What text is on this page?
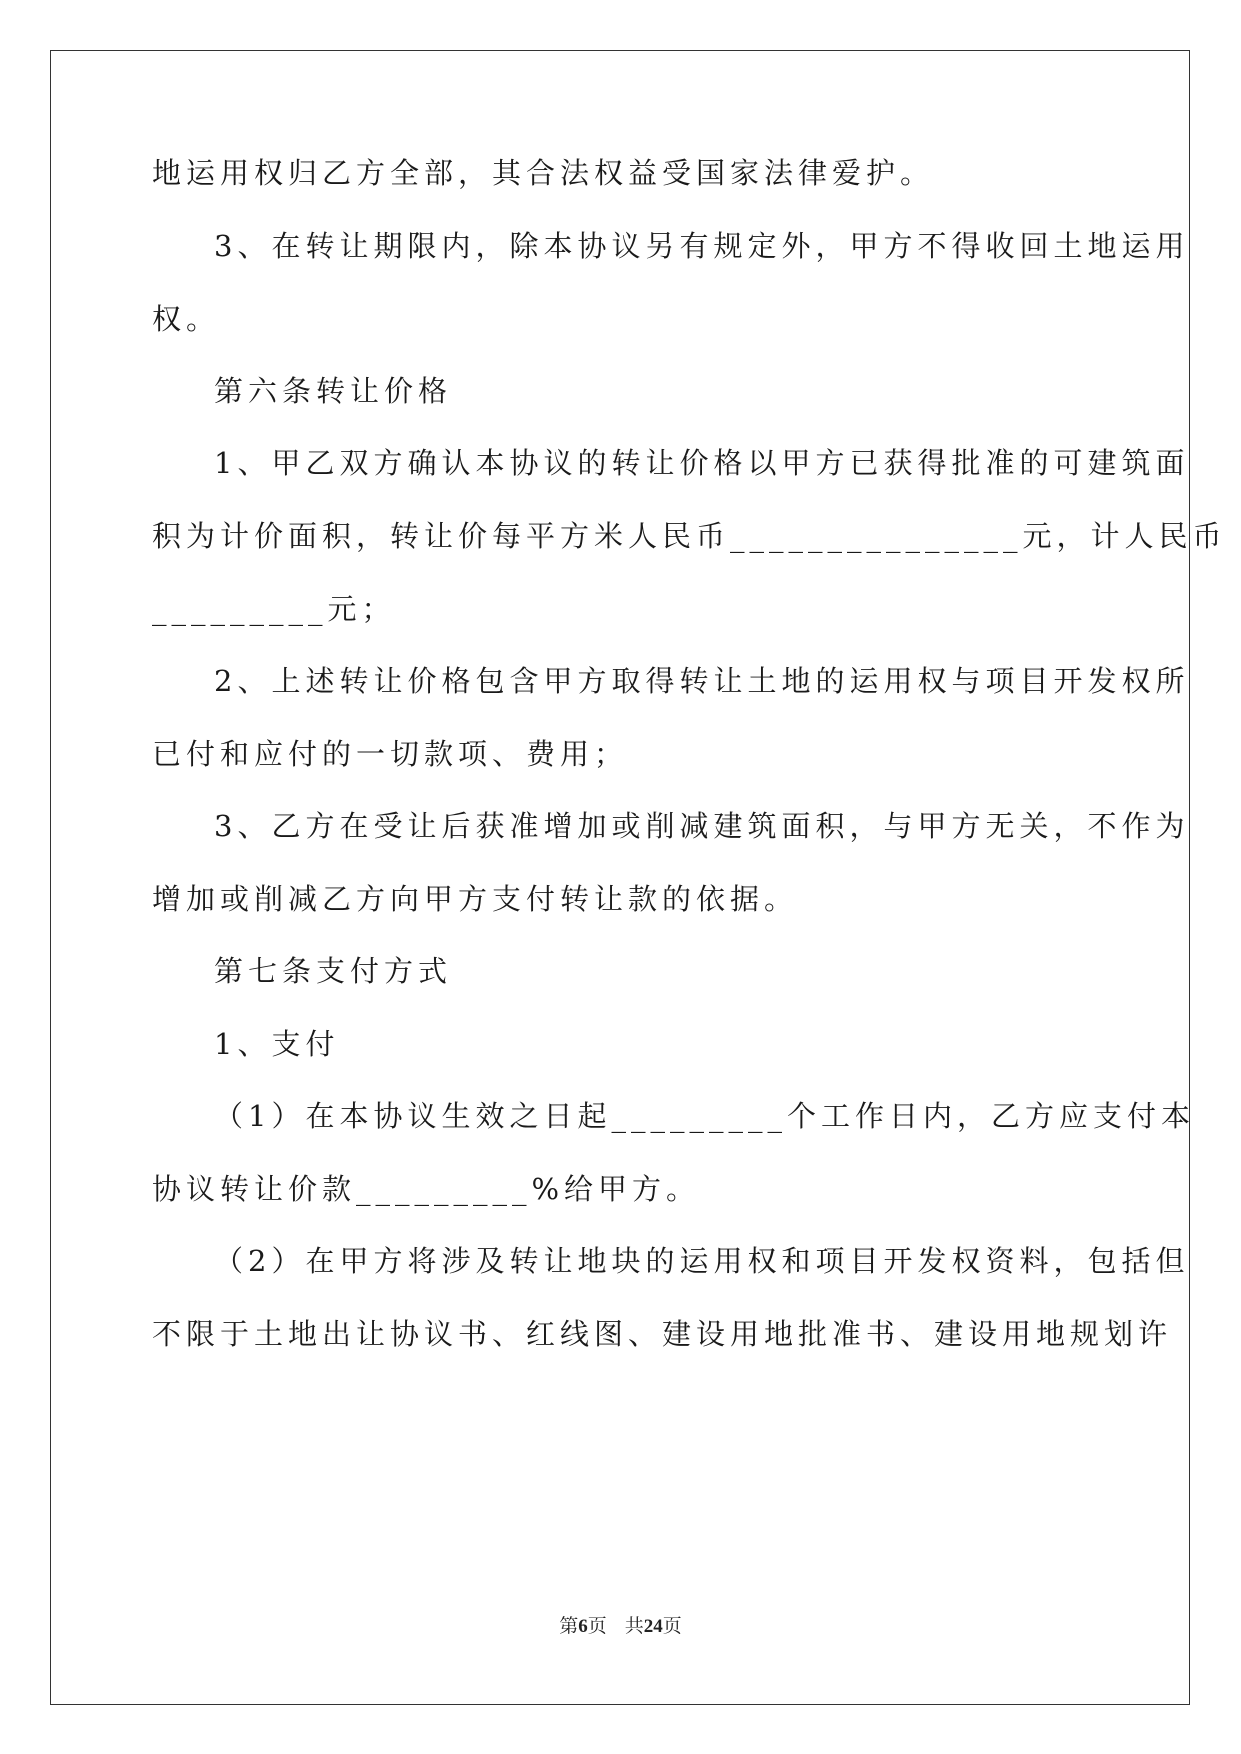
地运用权归乙方全部，其合法权益受国家法律爱护。
3、在转让期限内，除本协议另有规定外，甲方不得收回土地运用
权。
第六条转让价格
1、甲乙双方确认本协议的转让价格以甲方已获得批准的可建筑面
积为计价面积，转让价每平方米人民币_______________元，计人民币
_________元；
2、上述转让价格包含甲方取得转让土地的运用权与项目开发权所
已付和应付的一切款项、费用；
3、乙方在受让后获准增加或削减建筑面积，与甲方无关，不作为
增加或削减乙方向甲方支付转让款的依据。
第七条支付方式
1、支付
（1）在本协议生效之日起_________个工作日内，乙方应支付本
协议转让价款_________%给甲方。
（2）在甲方将涉及转让地块的运用权和项目开发权资料，包括但
不限于土地出让协议书、红线图、建设用地批准书、建设用地规划许
第6页 共24页
